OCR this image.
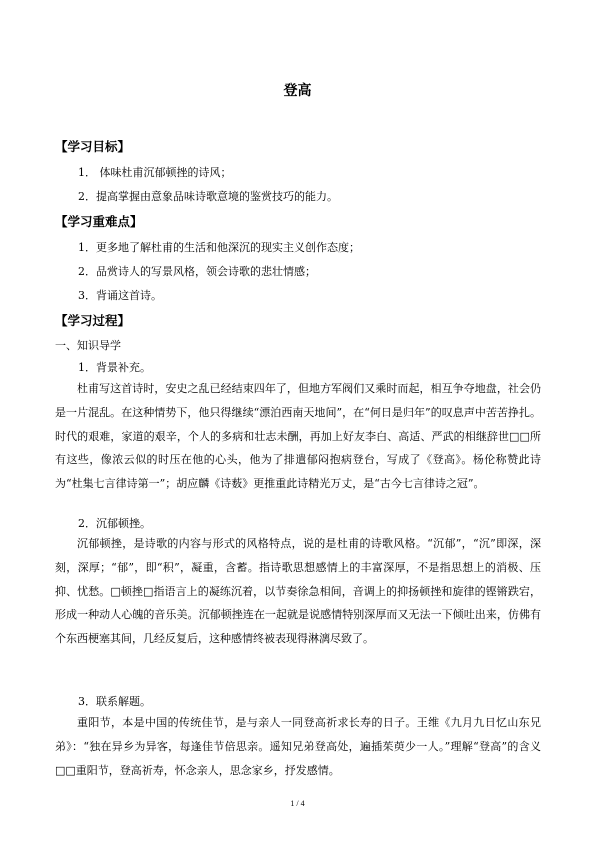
登高
【学习目标】
1． 体味杜甫沉郁顿挫的诗风；
2．提高掌握由意象品味诗歌意境的鉴赏技巧的能力。
【学习重难点】
1．更多地了解杜甫的生活和他深沉的现实主义创作态度；
2．品赏诗人的写景风格，领会诗歌的悲壮情感；
3．背诵这首诗。
【学习过程】
一、知识导学
1．背景补充。
杜甫写这首诗时，安史之乱已经结束四年了，但地方军阀们又乘时而起，相互争夺地盘，社会仍是一片混乱。在这种情势下，他只得继续“漂泊西南天地间”，在“何日是归年”的叹息声中苦苦挣扎。时代的艰难，家道的艰辛，个人的多病和壮志未酬，再加上好友李白、高适、严武的相继辞世□□所有这些，像浓云似的时压在他的心头，他为了排遣郁闷抱病登台，写成了《登高》。杨伦称赞此诗为“杜集七言律诗第一”；胡应麟《诗薮》更推重此诗精光万丈，是“古今七言律诗之冠”。
2．沉郁顿挫。
沉郁顿挫，是诗歌的内容与形式的风格特点，说的是杜甫的诗歌风格。“沉郁”，“沉”即深，深刻，深厚；“郁”，即“积”，凝重，含蓄。指诗歌思想感情上的丰富深厚，不是指思想上的消极、压抑、忧愁。□顿挫□指语言上的凝练沉着，以节奏徐急相间，音调上的抑扬顿挫和旋律的铿锵跌宕，形成一种动人心魄的音乐美。沉郁顿挫连在一起就是说感情特别深厚而又无法一下倾吐出来，仿佛有个东西梗塞其间，几经反复后，这种感情终被表现得淋漓尽致了。
3．联系解题。
重阳节，本是中国的传统佳节，是与亲人一同登高祈求长寿的日子。王维《九月九日忆山东兄弟》：“独在异乡为异客，每逢佳节倍思亲。遥知兄弟登高处，遍插茱萸少一人。”理解“登高”的含义□□重阳节，登高祈寿，怀念亲人，思念家乡，抒发感情。
1 / 4
